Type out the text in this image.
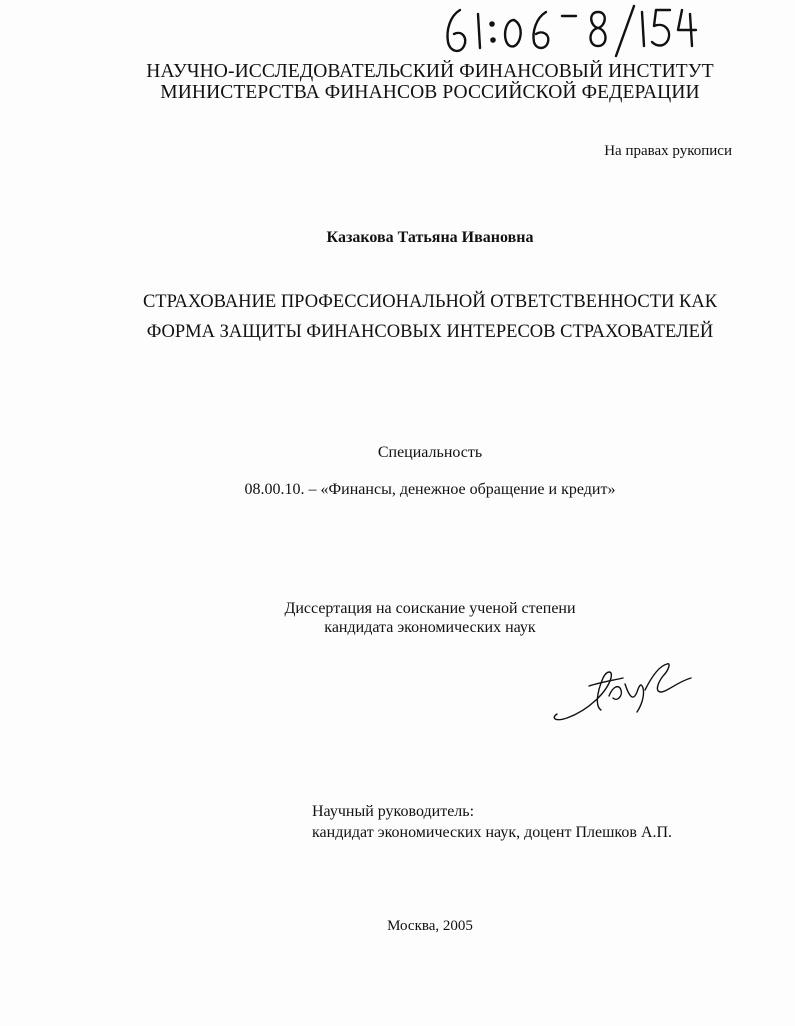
НАУЧНО-ИССЛЕДОВАТЕЛЬСКИЙ ФИНАНСОВЫЙ ИНСТИТУТ
МИНИСТЕРСТВА ФИНАНСОВ РОССИЙСКОЙ ФЕДЕРАЦИИ
На правах рукописи
Казакова Татьяна Ивановна
СТРАХОВАНИЕ ПРОФЕССИОНАЛЬНОЙ ОТВЕТСТВЕННОСТИ КАК
ФОРМА ЗАЩИТЫ ФИНАНСОВЫХ ИНТЕРЕСОВ СТРАХОВАТЕЛЕЙ
Специальность
08.00.10. – «Финансы, денежное обращение и кредит»
Диссертация на соискание ученой степени
кандидата экономических наук
Научный руководитель:
кандидат экономических наук, доцент Плешков А.П.
Москва, 2005
